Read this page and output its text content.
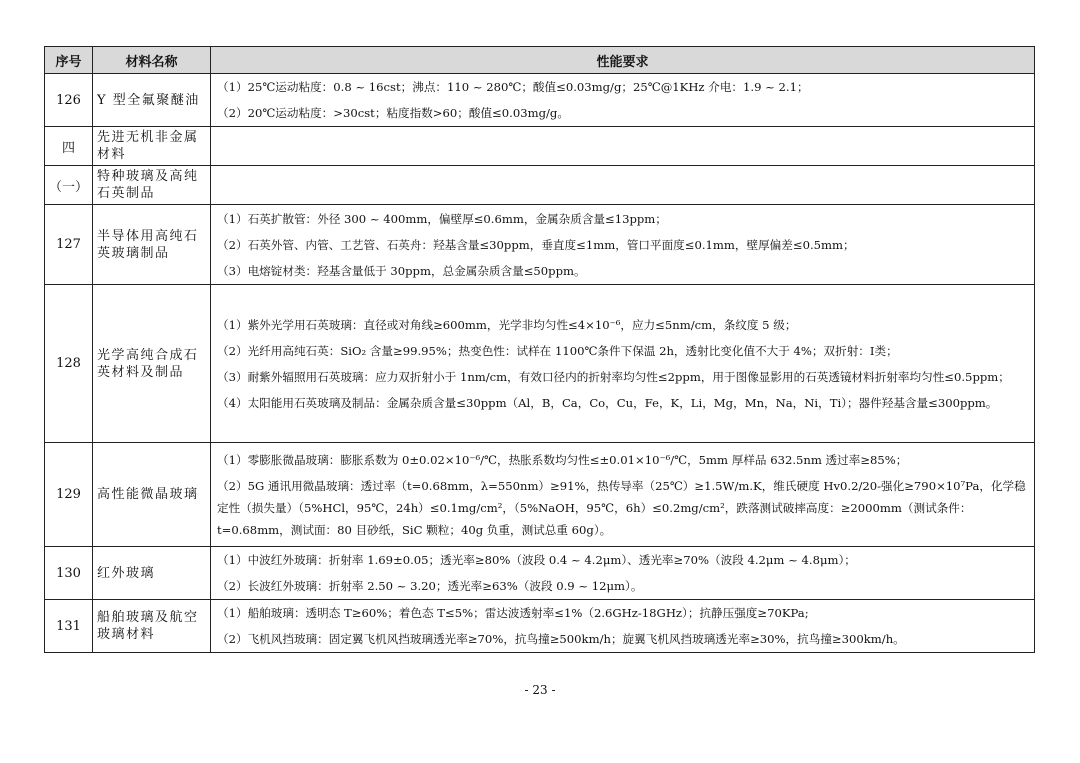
序号	材料名称	性能要求
126	Y 型全氟聚醚油	（1）25℃运动粘度：0.8 ~ 16cst；沸点：110 ~ 280℃；酸值≤0.03mg/g；25℃@1KHz 介电：1.9 ~ 2.1；

（2）20℃运动粘度：>30cst；粘度指数>60；酸值≤0.03mg/g。

四	先进无机非金属材料	
（一）	特种玻璃及高纯石英制品	
127	半导体用高纯石英玻璃制品	（1）石英扩散管：外径 300 ~ 400mm，偏壁厚≤0.6mm，金属杂质含量≤13ppm；

（2）石英外管、内管、工艺管、石英舟：羟基含量≤30ppm，垂直度≤1mm，管口平面度≤0.1mm，壁厚偏差≤0.5mm；

（3）电熔锭材类：羟基含量低于 30ppm，总金属杂质含量≤50ppm。

128	光学高纯合成石英材料及制品	（1）紫外光学用石英玻璃：直径或对角线≥600mm，光学非均匀性≤4×10⁻⁶，应力≤5nm/cm，条纹度 5 级；

（2）光纤用高纯石英：SiO₂ 含量≥99.95%；热变色性：试样在 1100℃条件下保温 2h，透射比变化值不大于 4%；双折射：I类；

（3）耐紫外辐照用石英玻璃：应力双折射小于 1nm/cm，有效口径内的折射率均匀性≤2ppm，用于图像显影用的石英透镜材料折射率均匀性≤0.5ppm；

（4）太阳能用石英玻璃及制品：金属杂质含量≤30ppm（Al，B，Ca，Co，Cu，Fe，K，Li，Mg，Mn，Na，Ni，Ti）；器件羟基含量≤300ppm。

129	高性能微晶玻璃	（1）零膨胀微晶玻璃：膨胀系数为 0±0.02×10⁻⁶/℃，热胀系数均匀性≤±0.01×10⁻⁶/℃，5mm 厚样品 632.5nm 透过率≥85%；

（2）5G 通讯用微晶玻璃：透过率（t=0.68mm，λ=550nm）≥91%，热传导率（25℃）≥1.5W/m.K，维氏硬度 Hv0.2/20-强化≥790×10⁷Pa，化学稳定性（损失量）（5%HCl，95℃，24h）≤0.1mg/cm²，（5%NaOH，95℃，6h）≤0.2mg/cm²，跌落测试破摔高度：≥2000mm（测试条件：t=0.68mm，测试面：80 目砂纸，SiC 颗粒；40g 负重，测试总重 60g）。

130	红外玻璃	（1）中波红外玻璃：折射率 1.69±0.05；透光率≥80%（波段 0.4 ~ 4.2μm）、透光率≥70%（波段 4.2μm ~ 4.8μm）；

（2）长波红外玻璃：折射率 2.50 ~ 3.20；透光率≥63%（波段 0.9 ~ 12μm）。

131	船舶玻璃及航空玻璃材料	（1）船舶玻璃：透明态 T≥60%；着色态 T≤5%；雷达波透射率≤1%（2.6GHz-18GHz）；抗静压强度≥70KPa;

（2）飞机风挡玻璃：固定翼飞机风挡玻璃透光率≥70%，抗鸟撞≥500km/h；旋翼飞机风挡玻璃透光率≥30%，抗鸟撞≥300km/h。

- 23 -
